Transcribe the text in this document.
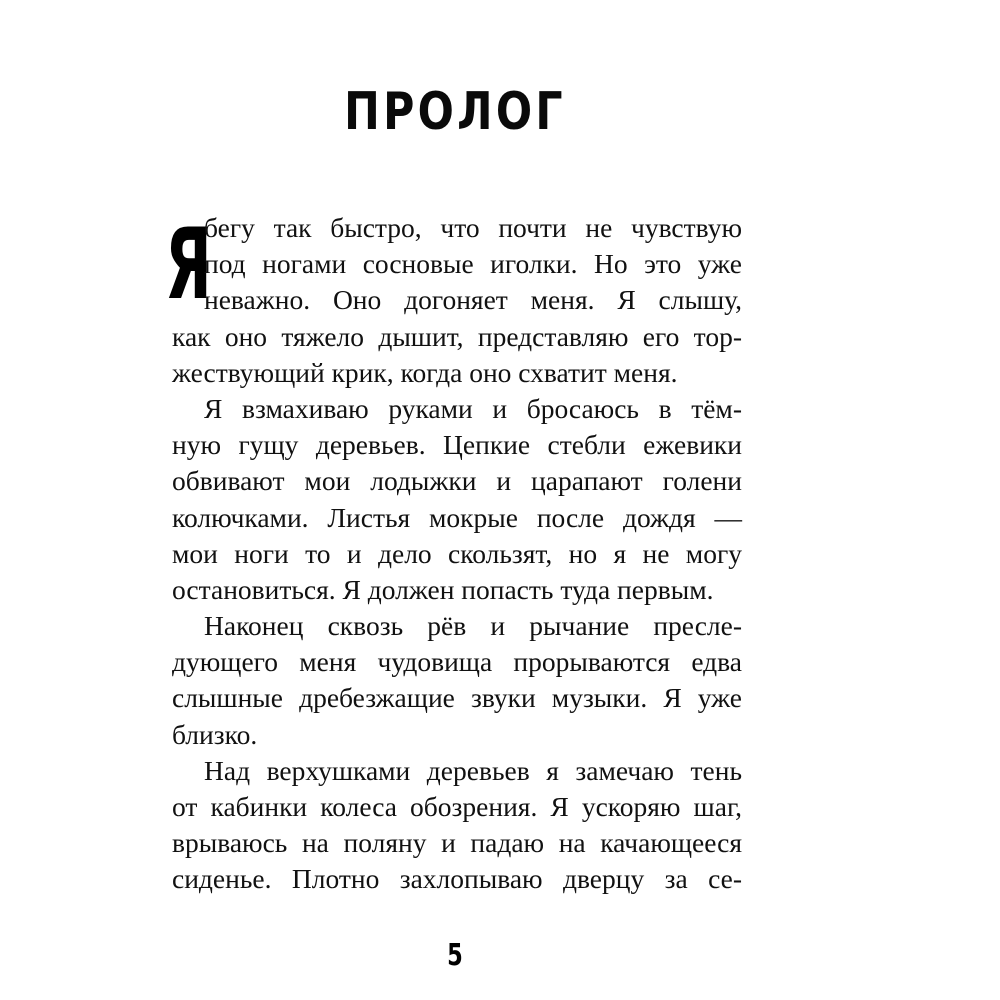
ПРОЛОГ
Я
бегу так быстро, что почти не чувствую
под ногами сосновые иголки. Но это уже
неважно. Оно догоняет меня. Я слышу,
как оно тяжело дышит, представляю его тор-
жествующий крик, когда оно схватит меня.
Я взмахиваю руками и бросаюсь в тём-
ную гущу деревьев. Цепкие стебли ежевики
обвивают мои лодыжки и царапают голени
колючками. Листья мокрые после дождя —
мои ноги то и дело скользят, но я не могу
остановиться. Я должен попасть туда первым.
Наконец сквозь рёв и рычание пресле-
дующего меня чудовища прорываются едва
слышные дребезжащие звуки музыки. Я уже
близко.
Над верхушками деревьев я замечаю тень
от кабинки колеса обозрения. Я ускоряю шаг,
врываюсь на поляну и падаю на качающееся
сиденье. Плотно захлопываю дверцу за се-
5
